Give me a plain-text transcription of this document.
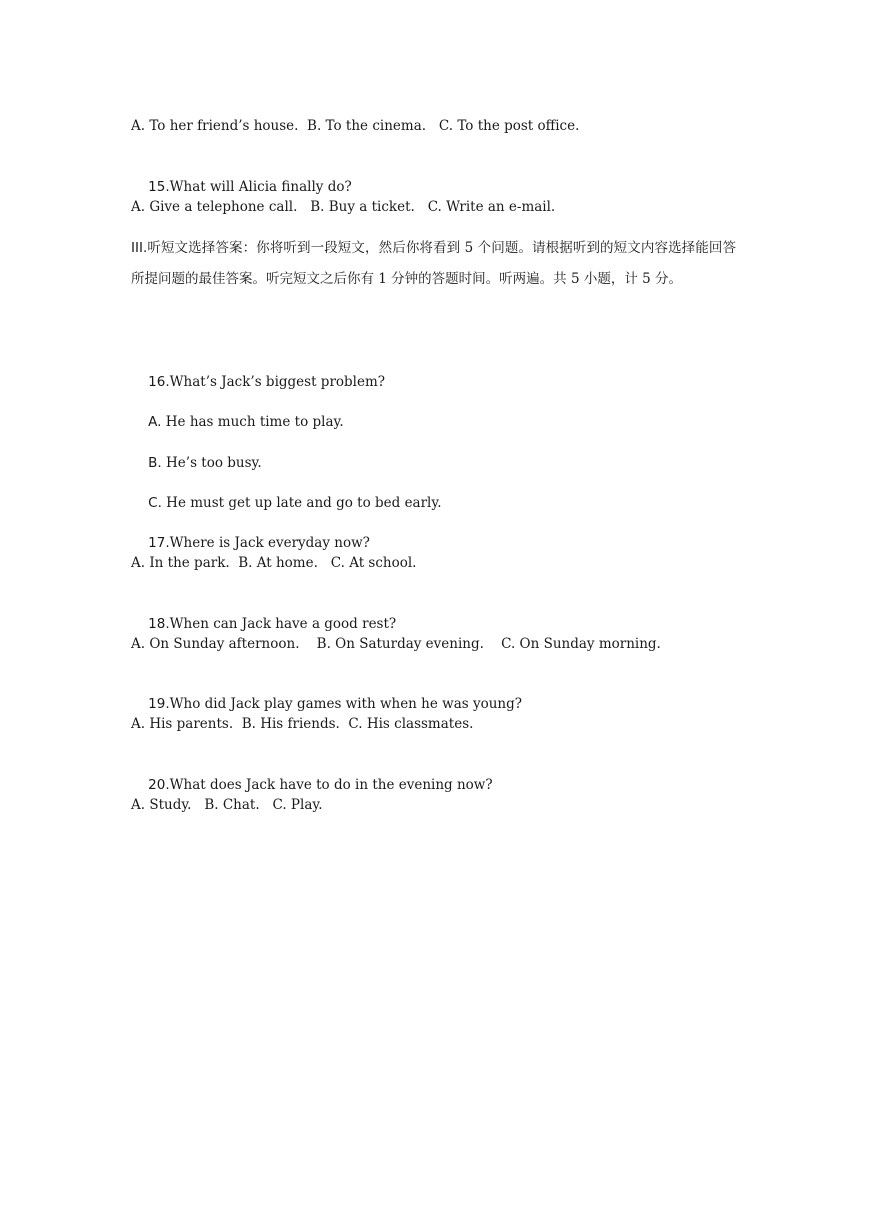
A. To her friend’s house.  B. To the cinema.   C. To the post office.

15.What will Alicia finally do?

A. Give a telephone call.   B. Buy a ticket.   C. Write an e-mail.
III.听短文选择答案：你将听到一段短文，然后你将看到 5 个问题。请根据听到的短文内容选择能回答所提问题的最佳答案。听完短文之后你有 1 分钟的答题时间。听两遍。共 5 小题，计 5 分。

16.What’s Jack’s biggest problem?

A. He has much time to play.

B. He’s too busy.

C. He must get up late and go to bed early.

17.Where is Jack everyday now?

A. In the park.  B. At home.   C. At school.

18.When can Jack have a good rest?

A. On Sunday afternoon.    B. On Saturday evening.    C. On Sunday morning.

19.Who did Jack play games with when he was young?

A. His parents.  B. His friends.  C. His classmates.

20.What does Jack have to do in the evening now?

A. Study.   B. Chat.   C. Play.
